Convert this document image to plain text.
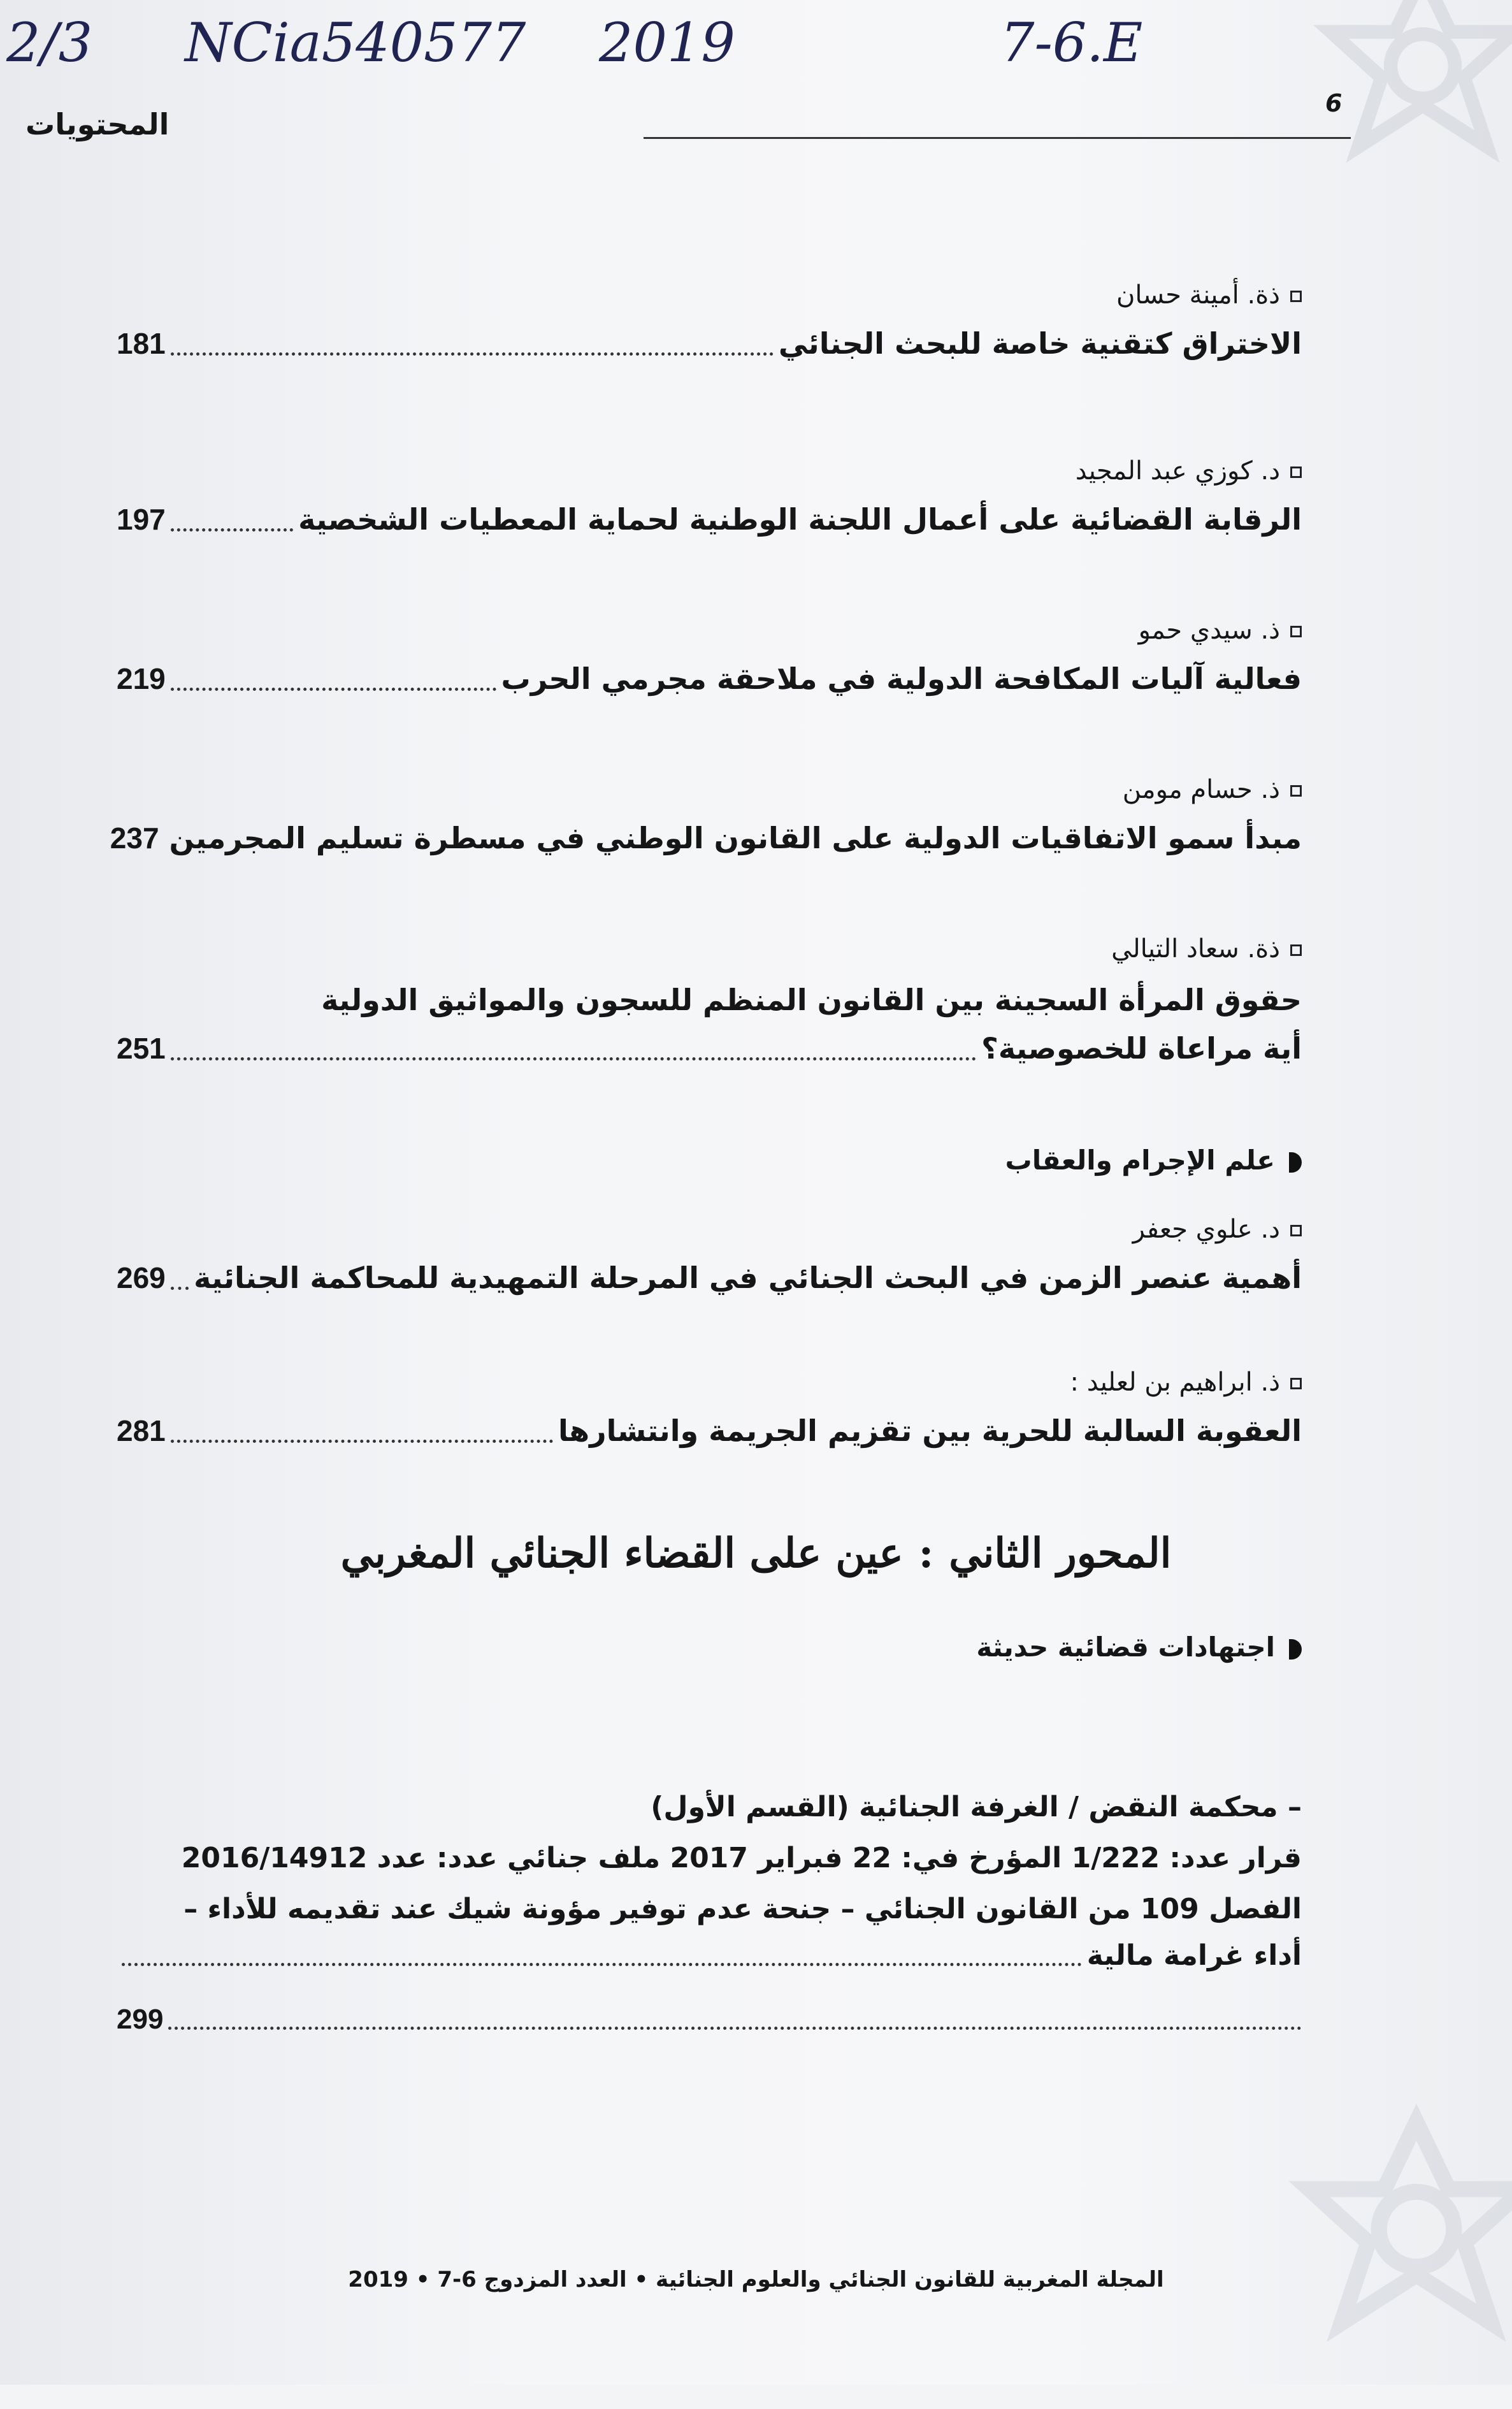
2/3 NCia540577 2019	7-6.E
المحتويات
6
ذة. أمينة حسان
الاختراق كتقنية خاصة للبحث الجنائي
181
د. كوزي عبد المجيد
الرقابة القضائية على أعمال اللجنة الوطنية لحماية المعطيات الشخصية
197
ذ. سيدي حمو
فعالية آليات المكافحة الدولية في ملاحقة مجرمي الحرب
219
ذ. حسام مومن
مبدأ سمو الاتفاقيات الدولية على القانون الوطني في مسطرة تسليم المجرمين
237
ذة. سعاد التيالي
حقوق المرأة السجينة بين القانون المنظم للسجون والمواثيق الدولية
أية مراعاة للخصوصية؟
251
علم الإجرام والعقاب
د. علوي جعفر
أهمية عنصر الزمن في البحث الجنائي في المرحلة التمهيدية للمحاكمة الجنائية
269
ذ. ابراهيم بن لعليد :
العقوبة السالبة للحرية بين تقزيم الجريمة وانتشارها
281
المحور الثاني:عين على القضاء الجنائي المغربي
اجتهادات قضائية حديثة
– محكمة النقض / الغرفة الجنائية (القسم الأول)
قرار عدد: 1/222 المؤرخ في: 22 فبراير 2017 ملف جنائي عدد: عدد 2016/14912
الفصل 109 من القانون الجنائي – جنحة عدم توفير مؤونة شيك عند تقديمه للأداء –
أداء غرامة مالية
299
المجلة المغربية للقانون الجنائي والعلوم الجنائية • العدد المزدوج 6-7 • 2019
